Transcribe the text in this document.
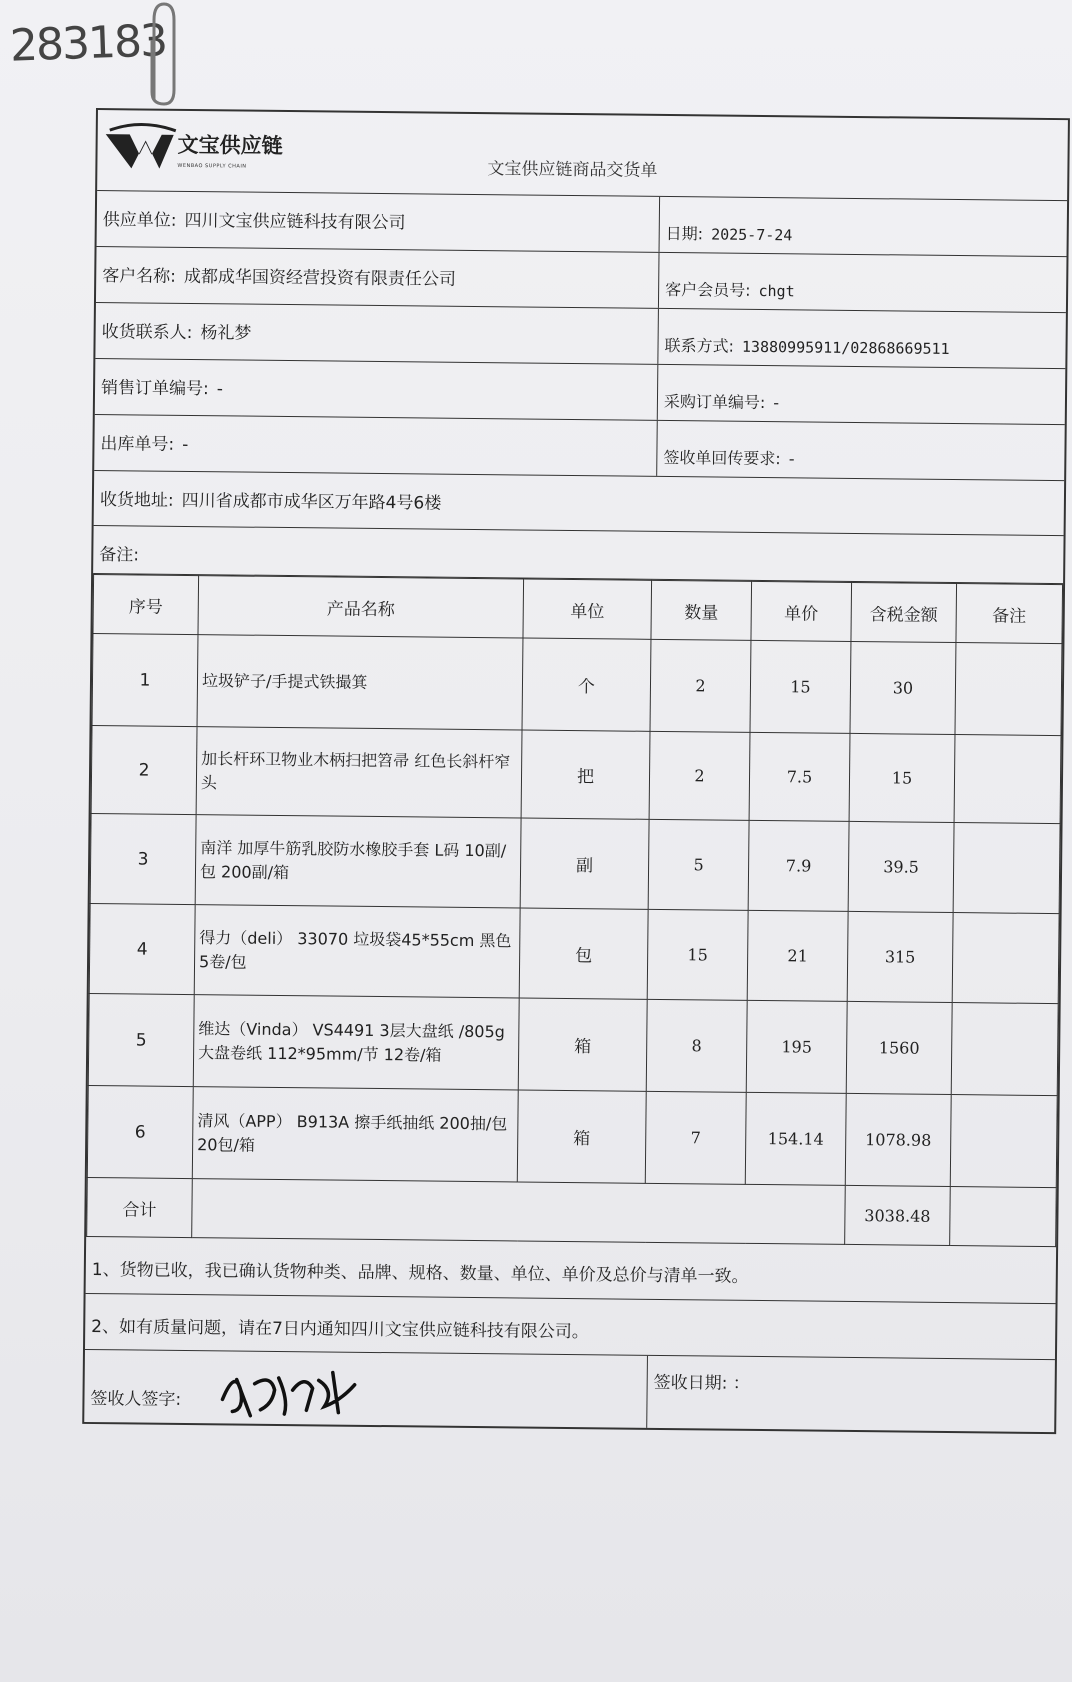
283183
文宝供应链
WENBAO SUPPLY CHAIN	文宝供应链商品交货单
供应单位: 四川文宝供应链科技有限公司
日期: 2025-7-24
客户名称: 成都成华国资经营投资有限责任公司
客户会员号: chgt
收货联系人: 杨礼梦
联系方式: 13880995911/02868669511
销售订单编号: -
采购订单编号: -
出库单号: -
签收单回传要求: -
收货地址: 四川省成都市成华区万年路4号6楼
备注:
序号	产品名称	单位	数量	单价	含税金额	备注
1	垃圾铲子/手提式铁撮箕	个	2	15	30	
2	加长杆环卫物业木柄扫把笤帚 红色长斜杆窄头	把	2	7.5	15	
3	南洋 加厚牛筋乳胶防水橡胶手套 L码 10副/包 200副/箱	副	5	7.9	39.5	
4	得力（deli） 33070 垃圾袋45*55cm 黑色 5卷/包	包	15	21	315	
5	维达（Vinda） VS4491 3层大盘纸 /805g大盘卷纸 112*95mm/节 12卷/箱	箱	8	195	1560	
6	清风（APP） B913A 擦手纸抽纸 200抽/包 20包/箱	箱	7	154.14	1078.98	
合计					3038.48	
1、货物已收，我已确认货物种类、品牌、规格、数量、单位、单价及总价与清单一致。
2、如有质量问题，请在7日内通知四川文宝供应链科技有限公司。
签收人签字:
签收日期: ：
